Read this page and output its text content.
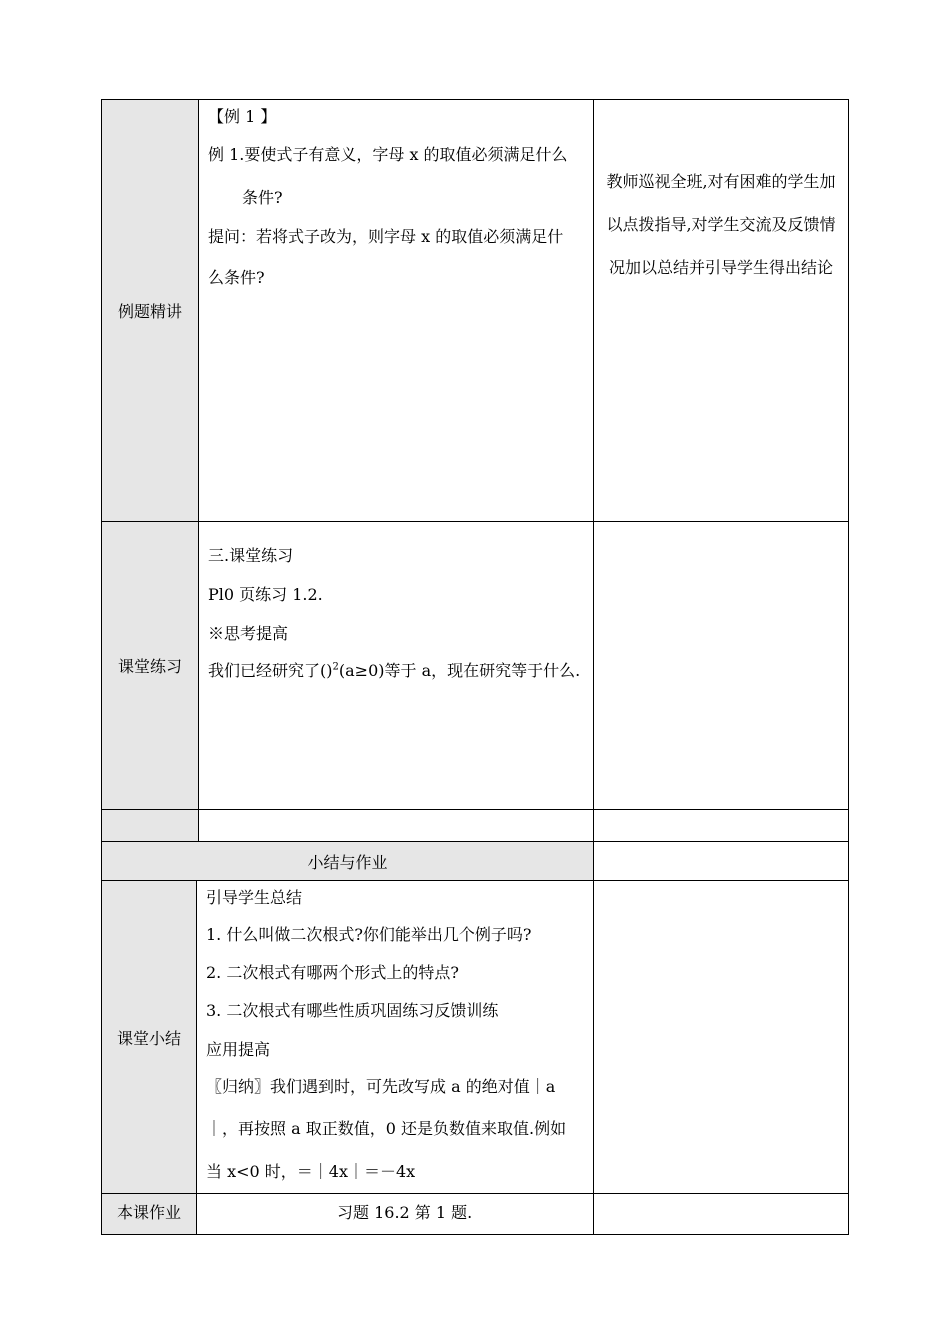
例题精讲
【例 1 】
例 1.要使式子有意义，字母 x 的取值必须满足什么
条件?
提问：若将式子改为，则字母 x 的取值必须满足什
么条件?
教师巡视全班,对有困难的学生加以点拨指导,对学生交流及反馈情况加以总结并引导学生得出结论
课堂练习
三.课堂练习
Pl0 页练习 1.2.
※思考提高
我们已经研究了()$^2$(a≥0)等于 a，现在研究等于什么.
小结与作业
课堂小结
引导学生总结
1. 什么叫做二次根式?你们能举出几个例子吗?
2. 二次根式有哪两个形式上的特点?
3. 二次根式有哪些性质巩固练习反馈训练
应用提高
〖归纳〗我们遇到时，可先改写成 a 的绝对值｜a
｜，再按照 a 取正数值，0 还是负数值来取值.例如
当 x<0 时，＝｜4x｜＝－4x
本课作业	习题 16.2 第 1 题.
